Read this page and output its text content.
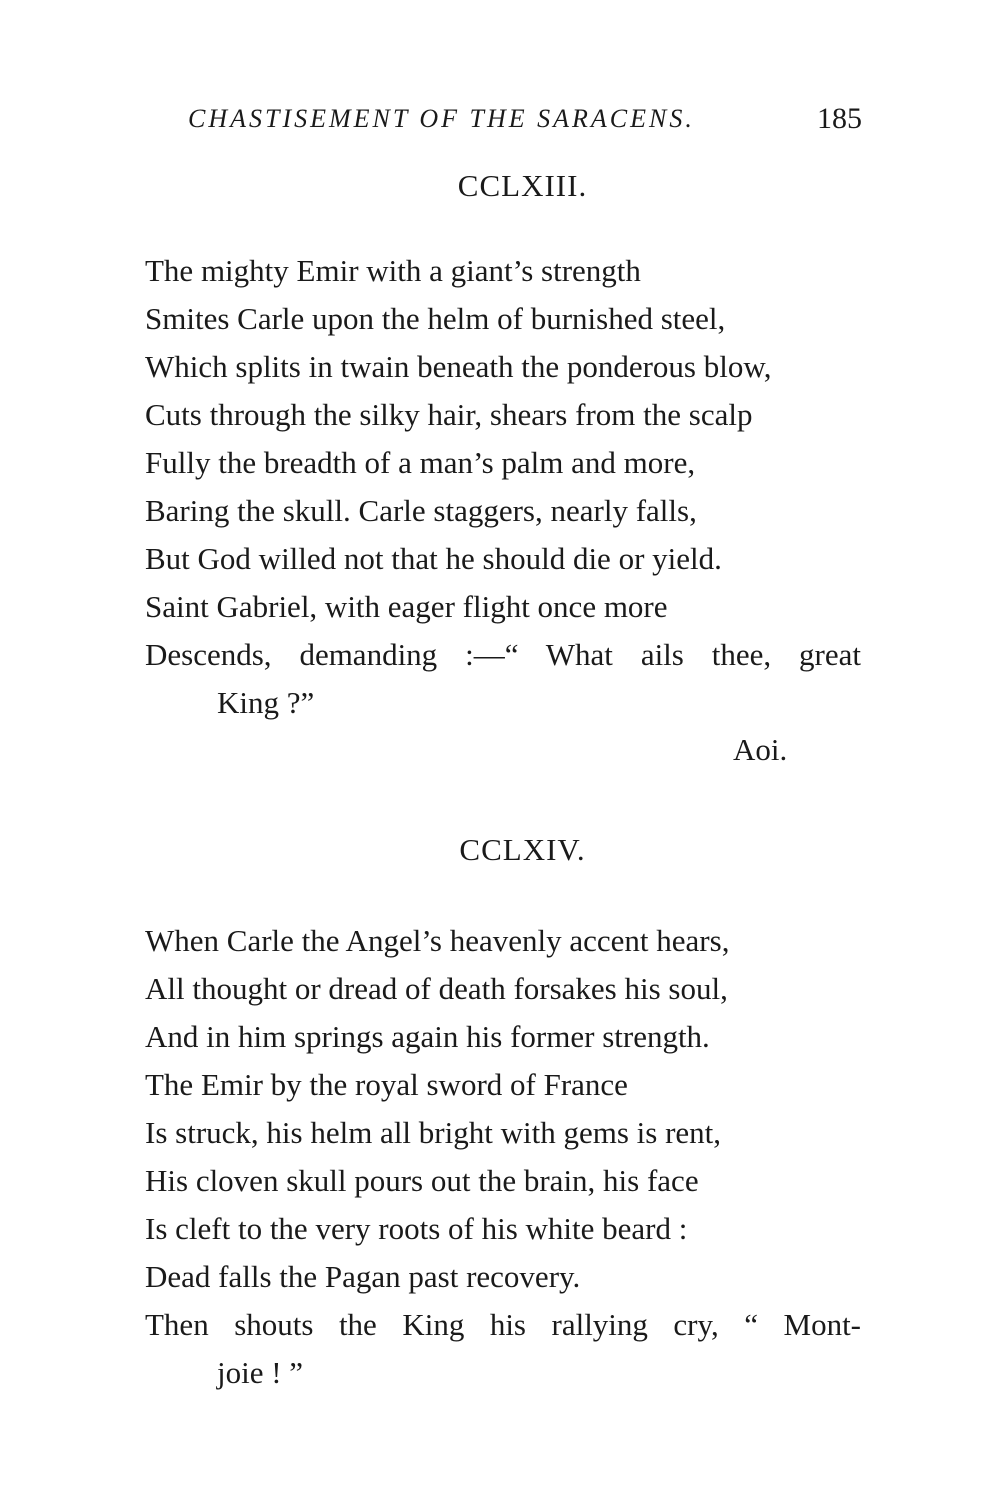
CHASTISEMENT OF THE SARACENS.	185
CCLXIII.
The mighty Emir with a giant’s strength
Smites Carle upon the helm of burnished steel,
Which splits in twain beneath the ponderous blow,
Cuts through the silky hair, shears from the scalp
Fully the breadth of a man’s palm and more,
Baring the skull. Carle staggers, nearly falls,
But God willed not that he should die or yield.
Saint Gabriel, with eager flight once more
Descends, demanding :—“ What ails thee, great
King ?”
Aoi.
CCLXIV.
When Carle the Angel’s heavenly accent hears,
All thought or dread of death forsakes his soul,
And in him springs again his former strength.
The Emir by the royal sword of France
Is struck, his helm all bright with gems is rent,
His cloven skull pours out the brain, his face
Is cleft to the very roots of his white beard :
Dead falls the Pagan past recovery.
Then shouts the King his rallying cry, “ Mont-
joie ! ”
